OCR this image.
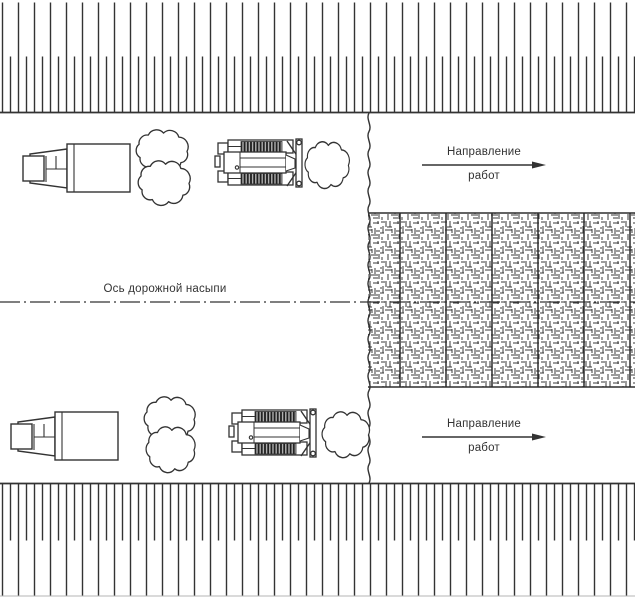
Ось дорожной насыпи
Направление
работ
Направление
работ
